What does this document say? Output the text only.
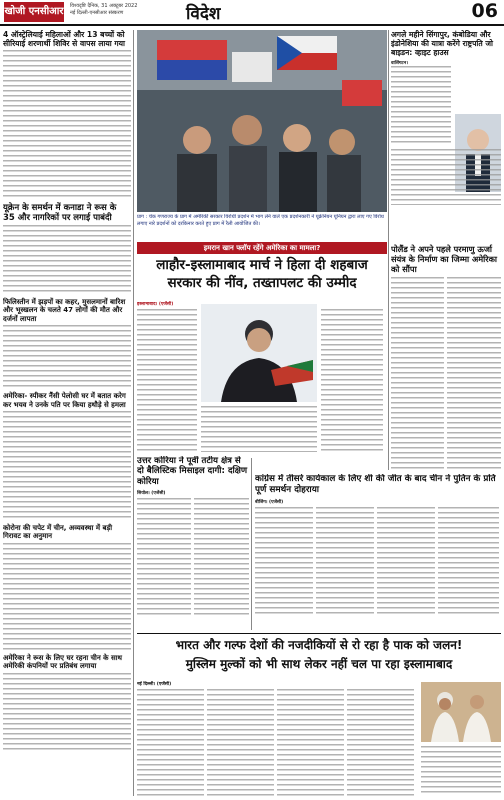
खोजी एनसीआर विश्वदृष्टि दैनिक, 31 अक्टूबर 2022
नई दिल्ली-एनसीआर संस्करण	विदेश	06
4 ऑस्ट्रेलियाई महिलाओं और 13 बच्चों को सीरियाई शरणार्थी शिविर से वापस लाया गया
यूक्रेन के समर्थन में कनाडा ने रूस के 35 और नागरिकों पर लगाई पाबंदी
फिलिस्तीन में झड़पों का कहर, मुसलमानों बारिश और भूस्खलन के चलते 47 लोगों की मौत और दर्जनों लापता
अमेरिका- स्पीकर नैंसी पेलोसी घर में बतात करेग कर भयव ने उनके पति पर किया हथौड़े से हमला
कोरोना की चपेट में चीन, अव्यवस्था में बड़ी गिरावट का अनुमान
अमेरिका ने रूस के लिए घर रहना चीन के साथ अमेरिकी कंपनियों पर प्रतिबंध लगाया
प्राग : चेक गणराज्य के प्राग में अमेरिकी सरकार विरोधी प्रदर्शन में भाग लेने वाले एक प्रदर्शनकारी ने यूक्रेनियन यूनियन द्वारा लाए गए विरोध लगाए नारे प्रदर्शनों को दरकिनार करते हुए प्राग में रैली आयोजित की।
अगले महीने सिंगापुर, कंबोडिया और इंडोनेशिया की यात्रा करेंगे राष्ट्रपति जो बाइडन: व्हाइट हाउस
वाशिंगटन।
इमरान खान फ्लॉप रहेंगे अमेरिका का मामला?
लाहौर-इस्लामाबाद मार्च ने हिला दी शहबाज
सरकार की नींव, तख्तापलट की उम्मीद
इस्लामाबाद। (एजेंसी)
पोलैंड ने अपने पहले परमाणु ऊर्जा संयंत्र के निर्माण का जिम्मा अमेरिका को सौंपा
उत्तर कोरिया ने पूर्वी तटीय क्षेत्र से दो बैलिस्टिक मिसाइल दागी: दक्षिण कोरिया
सियोल। (एजेंसी)
कांग्रेस में तीसरे कार्यकाल के लिए शी की जीत के बाद चीन ने पुतिन के प्रति पूर्ण समर्थन दोहराया
बीजिंग। (एजेंसी)
भारत और गल्फ देशों की नजदीकियों से रो रहा है पाक को जलन!
मुस्लिम मुल्कों को भी साथ लेकर नहीं चल पा रहा इस्लामाबाद
नई दिल्ली। (एजेंसी)
